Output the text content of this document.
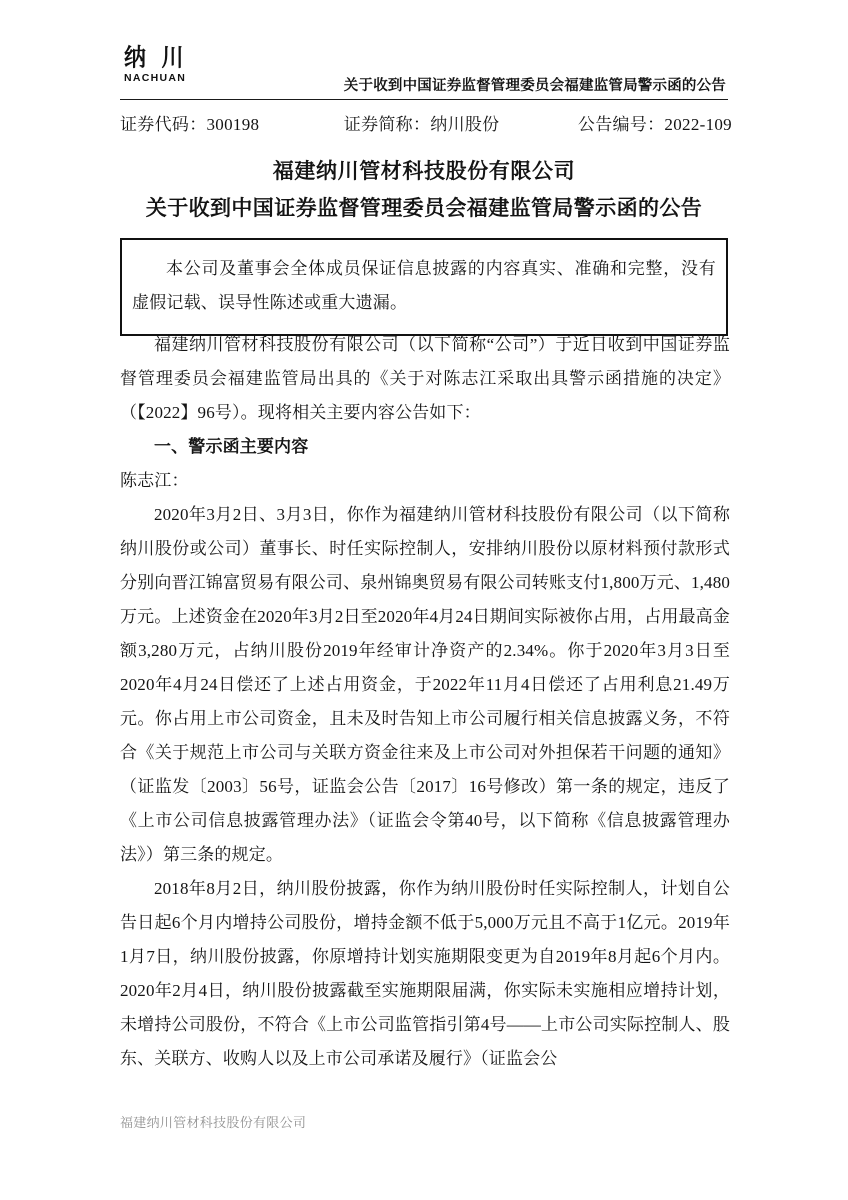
纳 川
NACHUAN	关于收到中国证券监督管理委员会福建监管局警示函的公告
证券代码：300198	证券简称：纳川股份	公告编号：2022-109
福建纳川管材科技股份有限公司
关于收到中国证券监督管理委员会福建监管局警示函的公告

本公司及董事会全体成员保证信息披露的内容真实、准确和完整，没有虚假记载、误导性陈述或重大遗漏。

福建纳川管材科技股份有限公司（以下简称“公司”）于近日收到中国证券监督管理委员会福建监管局出具的《关于对陈志江采取出具警示函措施的决定》（【2022】96号）。现将相关主要内容公告如下：

一、警示函主要内容

陈志江：

2020年3月2日、3月3日，你作为福建纳川管材科技股份有限公司（以下简称纳川股份或公司）董事长、时任实际控制人，安排纳川股份以原材料预付款形式分别向晋江锦富贸易有限公司、泉州锦奥贸易有限公司转账支付1,800万元、1,480万元。上述资金在2020年3月2日至2020年4月24日期间实际被你占用，占用最高金额3,280万元，占纳川股份2019年经审计净资产的2.34%。你于2020年3月3日至2020年4月24日偿还了上述占用资金，于2022年11月4日偿还了占用利息21.49万元。你占用上市公司资金，且未及时告知上市公司履行相关信息披露义务，不符合《关于规范上市公司与关联方资金往来及上市公司对外担保若干问题的通知》（证监发〔2003〕56号，证监会公告〔2017〕16号修改）第一条的规定，违反了《上市公司信息披露管理办法》（证监会令第40号，以下简称《信息披露管理办法》）第三条的规定。

2018年8月2日，纳川股份披露，你作为纳川股份时任实际控制人，计划自公告日起6个月内增持公司股份，增持金额不低于5,000万元且不高于1亿元。2019年1月7日，纳川股份披露，你原增持计划实施期限变更为自2019年8月起6个月内。2020年2月4日，纳川股份披露截至实施期限届满，你实际未实施相应增持计划，未增持公司股份，不符合《上市公司监管指引第4号——上市公司实际控制人、股东、关联方、收购人以及上市公司承诺及履行》（证监会公

福建纳川管材科技股份有限公司
